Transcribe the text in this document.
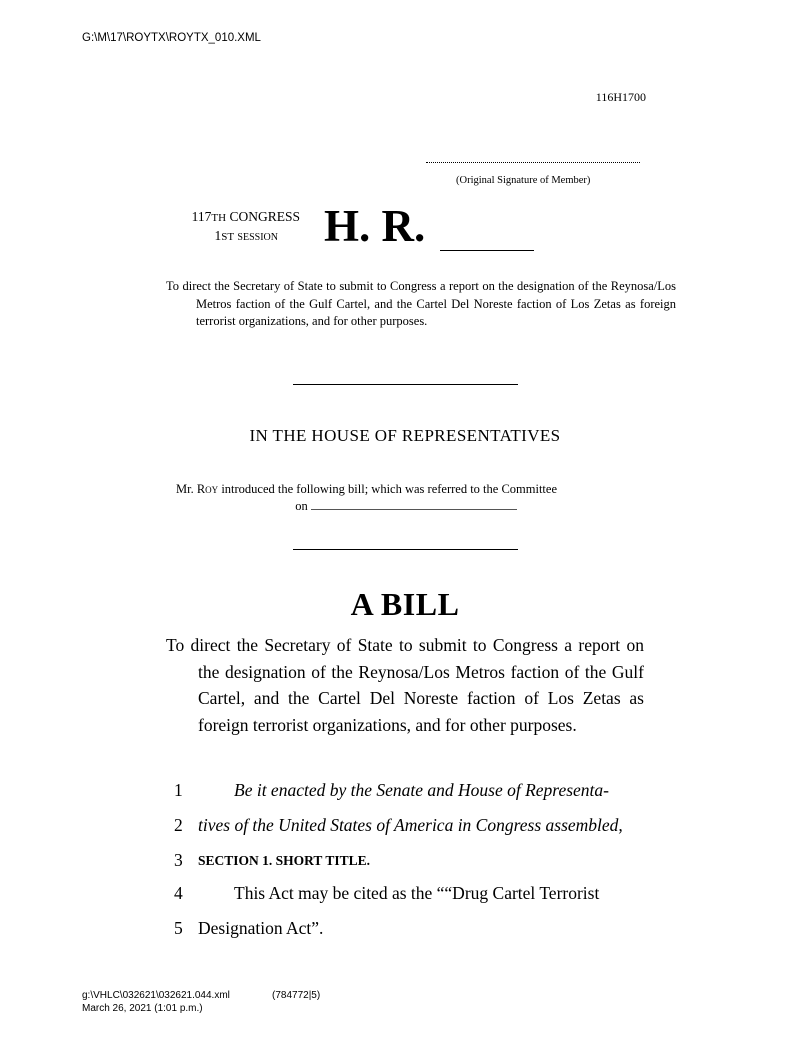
G:\M\17\ROYTX\ROYTX_010.XML
116H1700
(Original Signature of Member)
117TH CONGRESS
1ST session	H. R.
To direct the Secretary of State to submit to Congress a report on the designation of the Reynosa/Los Metros faction of the Gulf Cartel, and the Cartel Del Noreste faction of Los Zetas as foreign terrorist organizations, and for other purposes.
IN THE HOUSE OF REPRESENTATIVES
Mr. Roy introduced the following bill; which was referred to the Committee
on
A BILL
To direct the Secretary of State to submit to Congress a report on the designation of the Reynosa/Los Metros faction of the Gulf Cartel, and the Cartel Del Noreste faction of Los Zetas as foreign terrorist organizations, and for other purposes.
1	Be it enacted by the Senate and House of Representa-
2 tives of the United States of America in Congress assembled,
3	SECTION 1. SHORT TITLE.
4	This Act may be cited as the ““Drug Cartel Terrorist
5 Designation Act”.
g:\VHLC\032621\032621.044.xml
March 26, 2021 (1:01 p.m.)
(784772|5)
